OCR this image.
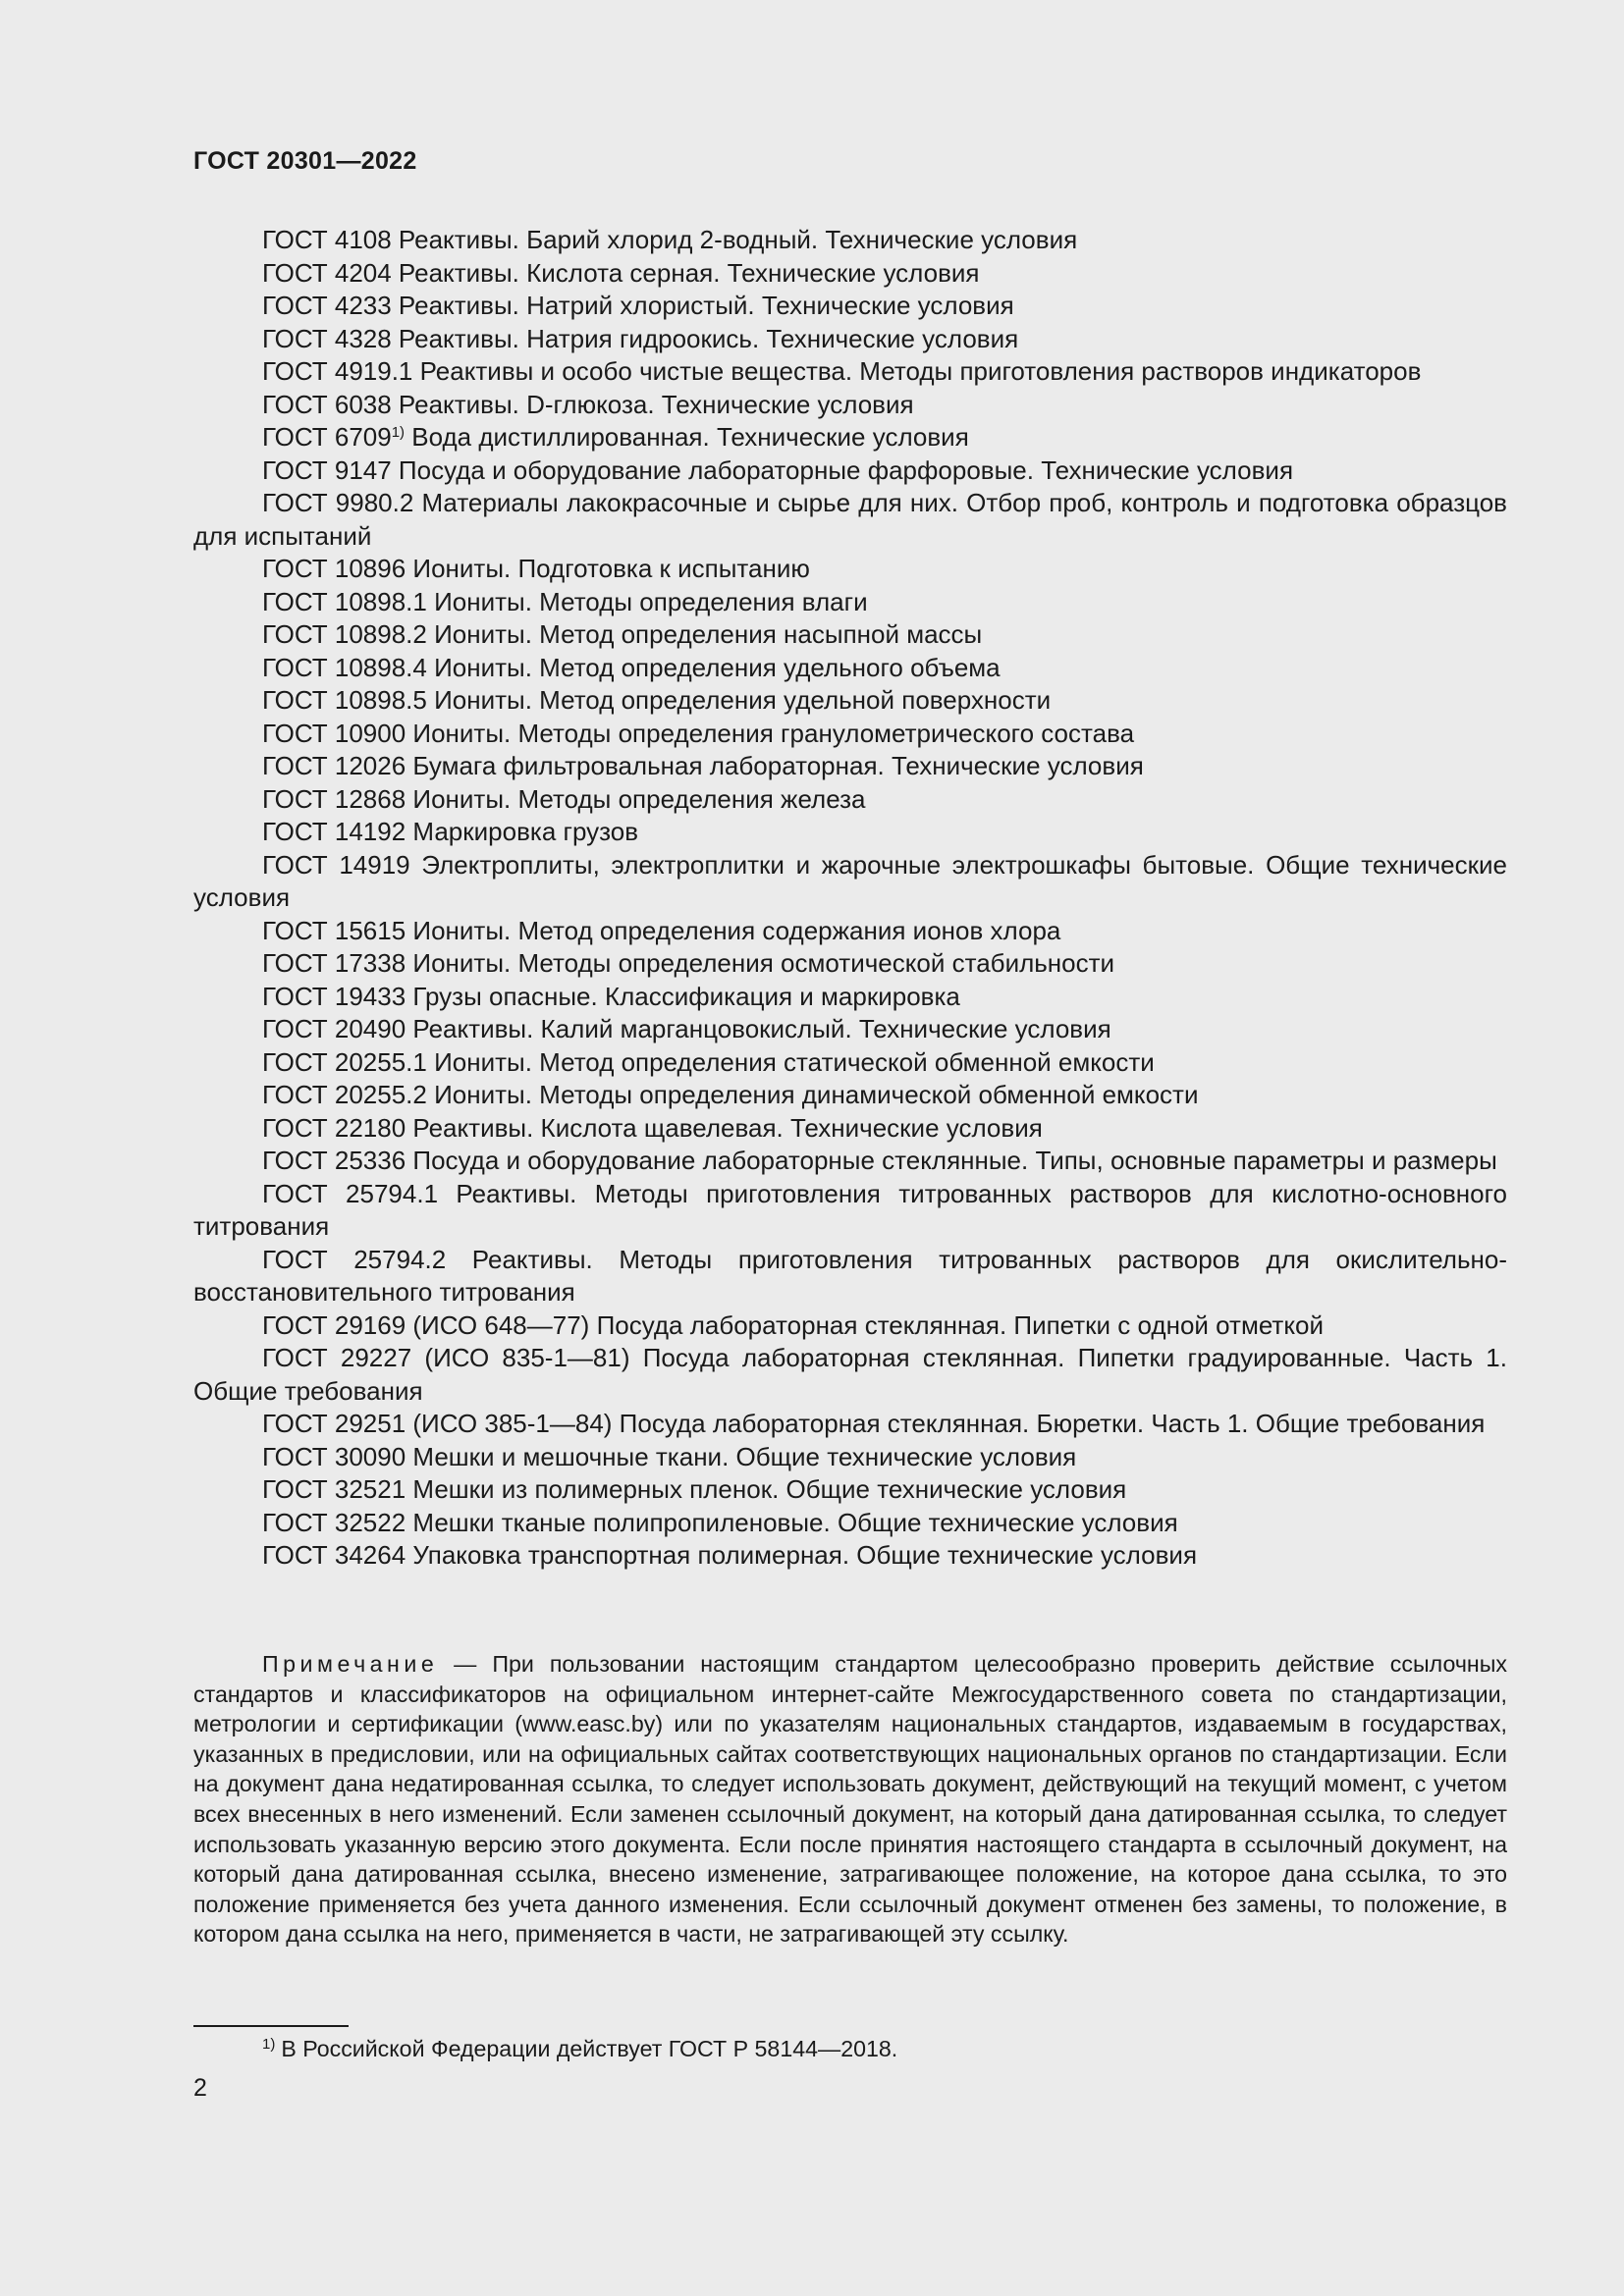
ГОСТ 20301—2022

ГОСТ 4108 Реактивы. Барий хлорид 2-водный. Технические условия

ГОСТ 4204 Реактивы. Кислота серная. Технические условия

ГОСТ 4233 Реактивы. Натрий хлористый. Технические условия

ГОСТ 4328 Реактивы. Натрия гидроокись. Технические условия

ГОСТ 4919.1 Реактивы и особо чистые вещества. Методы приготовления растворов индикаторов

ГОСТ 6038 Реактивы. D-глюкоза. Технические условия

ГОСТ 6709$^{1)}$ Вода дистиллированная. Технические условия

ГОСТ 9147 Посуда и оборудование лабораторные фарфоровые. Технические условия

ГОСТ 9980.2 Материалы лакокрасочные и сырье для них. Отбор проб, контроль и подготовка образцов для испытаний

ГОСТ 10896 Иониты. Подготовка к испытанию

ГОСТ 10898.1 Иониты. Методы определения влаги

ГОСТ 10898.2 Иониты. Метод определения насыпной массы

ГОСТ 10898.4 Иониты. Метод определения удельного объема

ГОСТ 10898.5 Иониты. Метод определения удельной поверхности

ГОСТ 10900 Иониты. Методы определения гранулометрического состава

ГОСТ 12026 Бумага фильтровальная лабораторная. Технические условия

ГОСТ 12868 Иониты. Методы определения железа

ГОСТ 14192 Маркировка грузов

ГОСТ 14919 Электроплиты, электроплитки и жарочные электрошкафы бытовые. Общие технические условия

ГОСТ 15615 Иониты. Метод определения содержания ионов хлора

ГОСТ 17338 Иониты. Методы определения осмотической стабильности

ГОСТ 19433 Грузы опасные. Классификация и маркировка

ГОСТ 20490 Реактивы. Калий марганцовокислый. Технические условия

ГОСТ 20255.1 Иониты. Метод определения статической обменной емкости

ГОСТ 20255.2 Иониты. Методы определения динамической обменной емкости

ГОСТ 22180 Реактивы. Кислота щавелевая. Технические условия

ГОСТ 25336 Посуда и оборудование лабораторные стеклянные. Типы, основные параметры и размеры

ГОСТ 25794.1 Реактивы. Методы приготовления титрованных растворов для кислотно-основного титрования

ГОСТ 25794.2 Реактивы. Методы приготовления титрованных растворов для окислительно-восстановительного титрования

ГОСТ 29169 (ИСО 648—77) Посуда лабораторная стеклянная. Пипетки с одной отметкой

ГОСТ 29227 (ИСО 835-1—81) Посуда лабораторная стеклянная. Пипетки градуированные. Часть 1. Общие требования

ГОСТ 29251 (ИСО 385-1—84) Посуда лабораторная стеклянная. Бюретки. Часть 1. Общие требования

ГОСТ 30090 Мешки и мешочные ткани. Общие технические условия

ГОСТ 32521 Мешки из полимерных пленок. Общие технические условия

ГОСТ 32522 Мешки тканые полипропиленовые. Общие технические условия

ГОСТ 34264 Упаковка транспортная полимерная. Общие технические условия

Примечание — При пользовании настоящим стандартом целесообразно проверить действие ссылочных стандартов и классификаторов на официальном интернет-сайте Межгосударственного совета по стандартизации, метрологии и сертификации (www.easc.by) или по указателям национальных стандартов, издаваемым в государствах, указанных в предисловии, или на официальных сайтах соответствующих национальных органов по стандартизации. Если на документ дана недатированная ссылка, то следует использовать документ, действующий на текущий момент, с учетом всех внесенных в него изменений. Если заменен ссылочный документ, на который дана датированная ссылка, то следует использовать указанную версию этого документа. Если после принятия настоящего стандарта в ссылочный документ, на который дана датированная ссылка, внесено изменение, затрагивающее положение, на которое дана ссылка, то это положение применяется без учета данного изменения. Если ссылочный документ отменен без замены, то положение, в котором дана ссылка на него, применяется в части, не затрагивающей эту ссылку.

$^{1)}$ В Российской Федерации действует ГОСТ Р 58144—2018.
2
